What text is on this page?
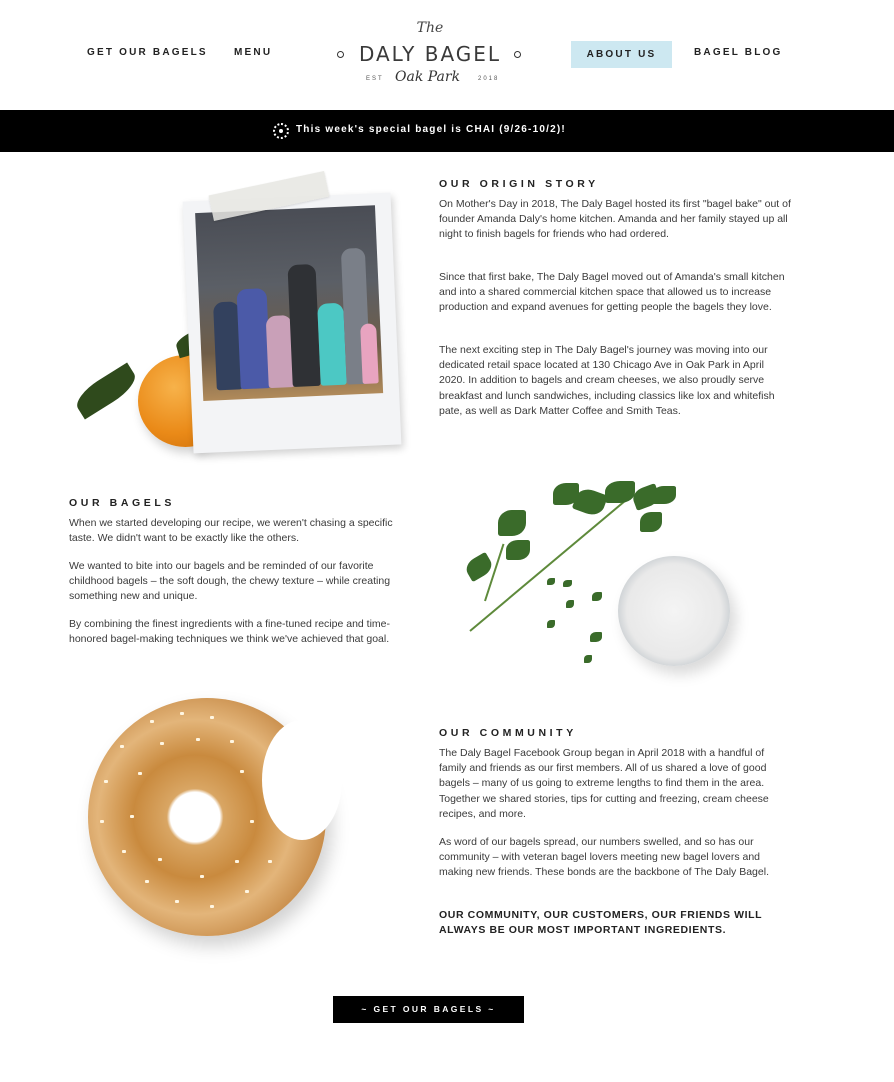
GET OUR BAGELS	MENU
The
DALY BAGEL
EST Oak Park	2018
ABOUT US	BAGEL BLOG
This week's special bagel is CHAI (9/26-10/2)!
OUR ORIGIN STORY
On Mother's Day in 2018, The Daly Bagel hosted its first "bagel bake" out of founder Amanda Daly's home kitchen. Amanda and her family stayed up all night to finish bagels for friends who had ordered.
Since that first bake, The Daly Bagel moved out of Amanda's small kitchen and into a shared commercial kitchen space that allowed us to increase production and expand avenues for getting people the bagels they love.
The next exciting step in The Daly Bagel's journey was moving into our dedicated retail space located at 130 Chicago Ave in Oak Park in April 2020. In addition to bagels and cream cheeses, we also proudly serve breakfast and lunch sandwiches, including classics like lox and whitefish pate, as well as Dark Matter Coffee and Smith Teas.
OUR BAGELS
When we started developing our recipe, we weren't chasing a specific taste. We didn't want to be exactly like the others.
We wanted to bite into our bagels and be reminded of our favorite childhood bagels – the soft dough, the chewy texture – while creating something new and unique.
By combining the finest ingredients with a fine-tuned recipe and time-honored bagel-making techniques we think we've achieved that goal.
OUR COMMUNITY
The Daly Bagel Facebook Group began in April 2018 with a handful of family and friends as our first members. All of us shared a love of good bagels – many of us going to extreme lengths to find them in the area. Together we shared stories, tips for cutting and freezing, cream cheese recipes, and more.
As word of our bagels spread, our numbers swelled, and so has our community – with veteran bagel lovers meeting new bagel lovers and making new friends. These bonds are the backbone of The Daly Bagel.
OUR COMMUNITY, OUR CUSTOMERS, OUR FRIENDS WILL ALWAYS BE OUR MOST IMPORTANT INGREDIENTS.
~ GET OUR BAGELS ~
